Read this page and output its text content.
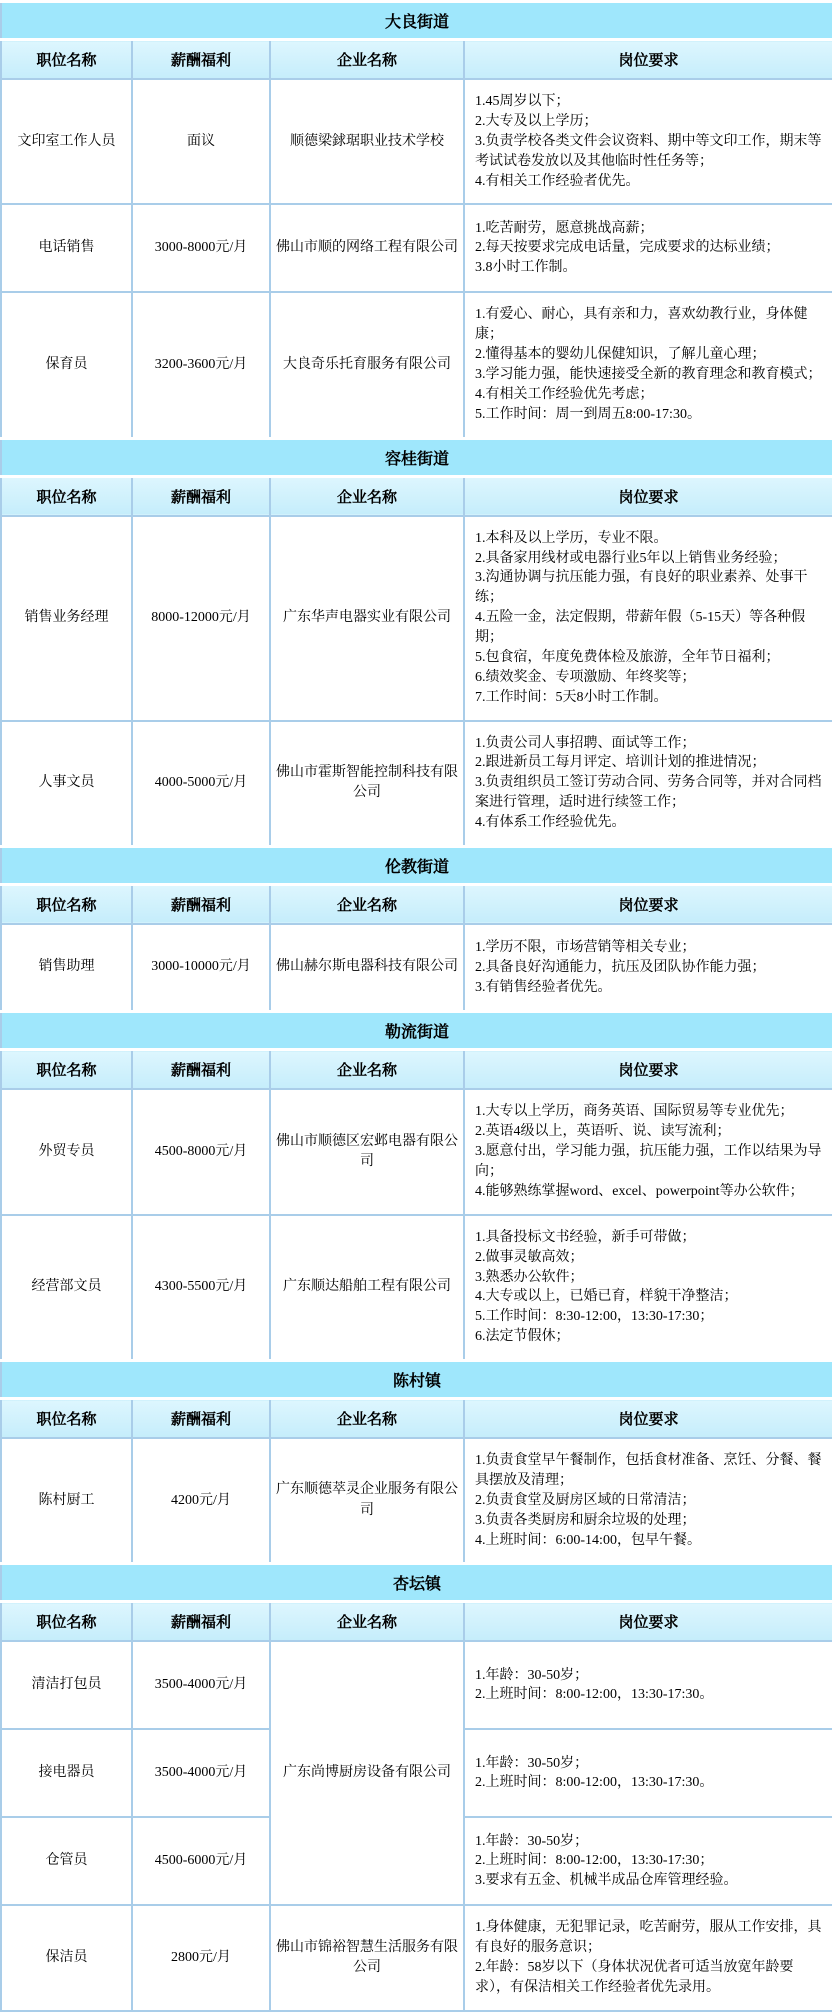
大良街道			
职位名称	薪酬福利	企业名称	岗位要求
文印室工作人员	面议	顺德梁銶琚职业技术学校	1.45周岁以下；
2.大专及以上学历；
3.负责学校各类文件会议资料、期中等文印工作，期末等考试试卷发放以及其他临时性任务等；
4.有相关工作经验者优先。

电话销售	3000-8000元/月	佛山市顺的网络工程有限公司	1.吃苦耐劳，愿意挑战高薪；
2.每天按要求完成电话量，完成要求的达标业绩；
3.8小时工作制。

保育员	3200-3600元/月	大良奇乐托育服务有限公司	1.有爱心、耐心，具有亲和力，喜欢幼教行业，身体健康；
2.懂得基本的婴幼儿保健知识，了解儿童心理；
3.学习能力强，能快速接受全新的教育理念和教育模式；
4.有相关工作经验优先考虑；
5.工作时间：周一到周五8:00-17:30。

容桂街道			
职位名称	薪酬福利	企业名称	岗位要求
销售业务经理	8000-12000元/月	广东华声电器实业有限公司	
1.本科及以上学历，专业不限。
2.具备家用线材或电器行业5年以上销售业务经验；
3.沟通协调与抗压能力强，有良好的职业素养、处事干练；
4.五险一金，法定假期，带薪年假（5-15天）等各种假期；
5.包食宿，年度免费体检及旅游，全年节日福利；
6.绩效奖金、专项激励、年终奖等；
7.工作时间：5天8小时工作制。

人事文员	4000-5000元/月	佛山市霍斯智能控制科技有限公司	1.负责公司人事招聘、面试等工作；
2.跟进新员工每月评定、培训计划的推进情况；
3.负责组织员工签订劳动合同、劳务合同等，并对合同档案进行管理，适时进行续签工作；
4.有体系工作经验优先。

伦教街道			
职位名称	薪酬福利	企业名称	岗位要求
销售助理	3000-10000元/月	佛山赫尔斯电器科技有限公司	1.学历不限，市场营销等相关专业；
2.具备良好沟通能力，抗压及团队协作能力强；
3.有销售经验者优先。

勒流街道			
职位名称	薪酬福利	企业名称	岗位要求
外贸专员	4500-8000元/月	佛山市顺德区宏邺电器有限公司	1.大专以上学历，商务英语、国际贸易等专业优先；
2.英语4级以上，英语听、说、读写流利；
3.愿意付出，学习能力强，抗压能力强，工作以结果为导向；
4.能够熟练掌握word、excel、powerpoint等办公软件；

经营部文员	4300-5500元/月	广东顺达船舶工程有限公司	
1.具备投标文书经验，新手可带做；
2.做事灵敏高效；
3.熟悉办公软件；
4.大专或以上，已婚已育，样貌干净整洁；
5.工作时间：8:30-12:00，13:30-17:30；
6.法定节假休；

陈村镇			
职位名称	薪酬福利	企业名称	岗位要求
陈村厨工	4200元/月	广东顺德萃灵企业服务有限公司	1.负责食堂早午餐制作，包括食材准备、烹饪、分餐、餐具摆放及清理；
2.负责食堂及厨房区域的日常清洁；
3.负责各类厨房和厨余垃圾的处理；
4.上班时间：6:00-14:00，包早午餐。

杏坛镇			
职位名称	薪酬福利	企业名称	岗位要求
清洁打包员	3500-4000元/月	广东尚博厨房设备有限公司	1.年龄：30-50岁；
2.上班时间：8:00-12:00，13:30-17:30。

接电器员	3500-4000元/月		1.年龄：30-50岁；
2.上班时间：8:00-12:00，13:30-17:30。

仓管员	4500-6000元/月		1.年龄：30-50岁；
2.上班时间：8:00-12:00，13:30-17:30；
3.要求有五金、机械半成品仓库管理经验。

保洁员	2800元/月	佛山市锦裕智慧生活服务有限公司	1.身体健康，无犯罪记录，吃苦耐劳，服从工作安排，具有良好的服务意识；
2.年龄：58岁以下（身体状况优者可适当放宽年龄要求），有保洁相关工作经验者优先录用。
